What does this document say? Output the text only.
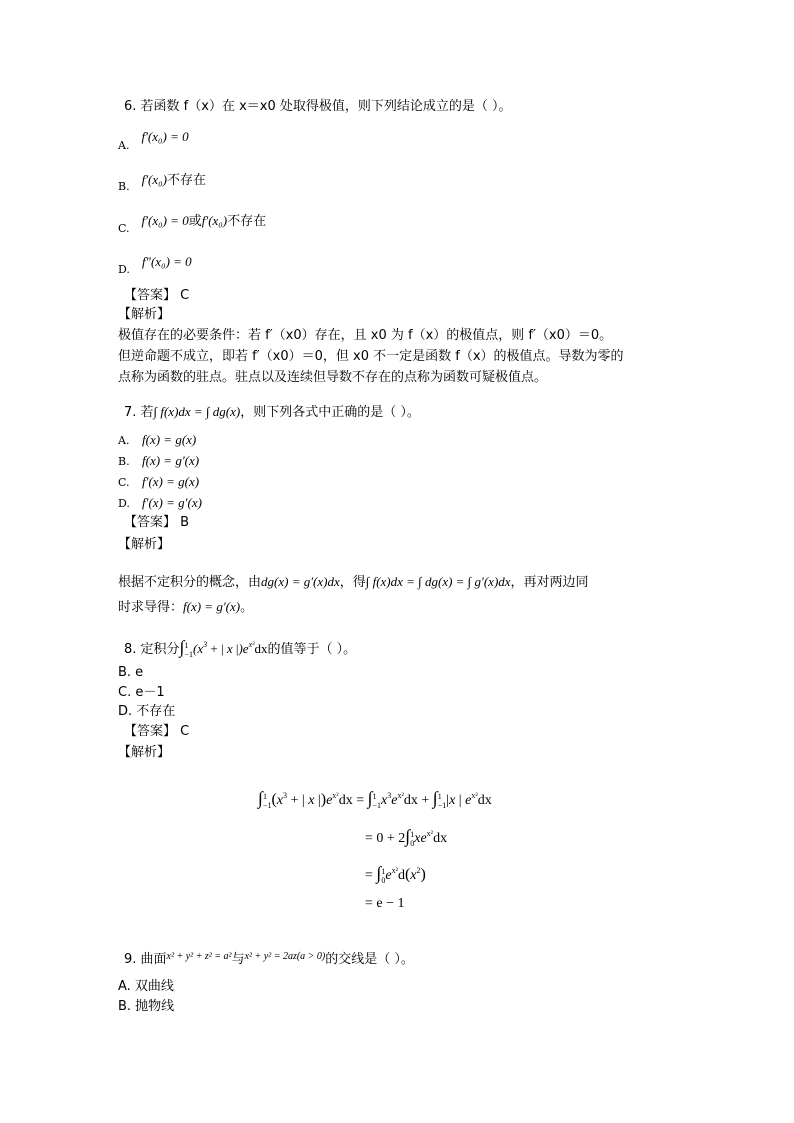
6. 若函数 f（x）在 x＝x0 处取得极值，则下列结论成立的是（ ）。
A.f′(x₀) = 0
B. f′(x₀)不存在
C.f′(x₀) = 0或f′(x₀)不存在
D.f″(x₀) = 0
【答案】 C
【解析】
极值存在的必要条件：若 f′（x0）存在，且 x0 为 f（x）的极值点，则 f′（x0）＝0。
但逆命题不成立，即若 f′（x0）＝0，但 x0 不一定是函数 f（x）的极值点。导数为零的
点称为函数的驻点。驻点以及连续但导数不存在的点称为函数可疑极值点。
7. 若∫ f(x)dx = ∫ dg(x)，则下列各式中正确的是（ ）。
A. f(x) = g(x)
B. f(x) = g′(x)
C. f′(x) = g(x)
D. f′(x) = g′(x)
【答案】 B
【解析】
根据不定积分的概念，由dg(x) = g′(x)dx，得∫ f(x)dx = ∫ dg(x) = ∫ g′(x)dx，再对两边同
时求导得：f(x) = g′(x)。
8. 定积分∫1
$-1(x^3$ + | x $|)e^{x^2}dx$的值等于（ ）。
B. e
C. e－1
D. 不存在
【答案】 C
【解析】
∫1
$-1(x^3$ + | x $|)e^{x^2}dx = \int 1$
$-1x^3e^{x^2}dx + \int 1$
−1|x | $e^{x^2}dx$
= 0 + 2∫1
$0xe^{x^2}dx$
= ∫1
$0e^{x^2}d(x^2)$
= e − 1
9. 曲面$^{x^2 + y^2 + z^2 = a^2}$与$^{x^2 + y^2 = 2az(a > 0)}$的交线是（ ）。
A. 双曲线
B. 抛物线
